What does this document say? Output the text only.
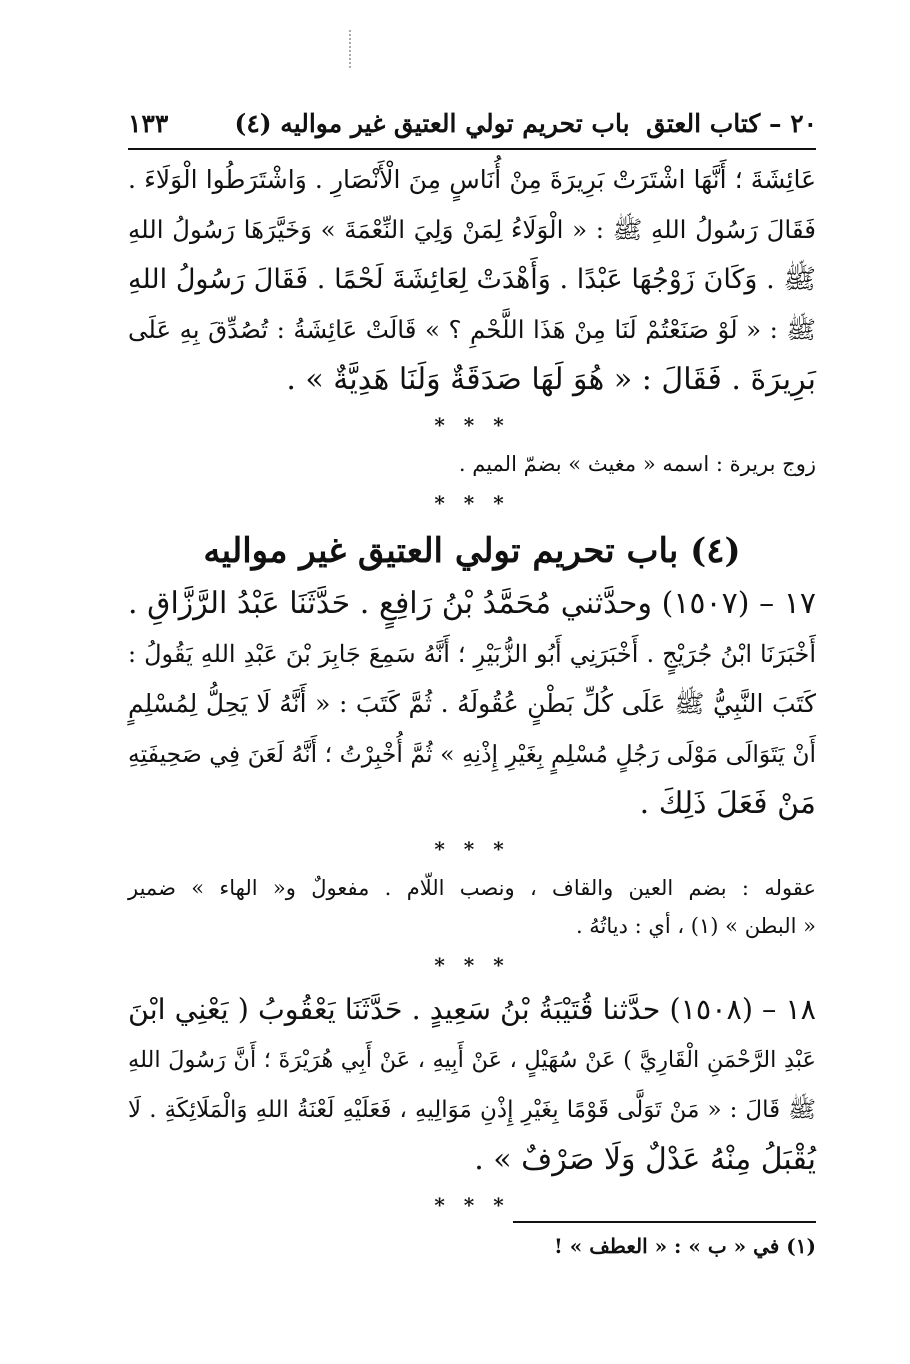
٢٠ – كتاب العتق
(٤) باب تحريم تولي العتيق غير مواليه
١٣٣
عَائِشَةَ ؛ أَنَّهَا اشْتَرَتْ بَرِيرَةَ مِنْ أُنَاسٍ مِنَ الْأَنْصَارِ . وَاشْتَرَطُوا الْوَلَاءَ .
فَقَالَ رَسُولُ اللهِ ﷺ : « الْوَلَاءُ لِمَنْ وَلِيَ النِّعْمَةَ » وَخَيَّرَهَا رَسُولُ اللهِ
ﷺ . وَكَانَ زَوْجُهَا عَبْدًا . وَأَهْدَتْ لِعَائِشَةَ لَحْمًا . فَقَالَ رَسُولُ اللهِ
ﷺ : « لَوْ صَنَعْتُمْ لَنَا مِنْ هَذَا اللَّحْمِ ؟ » قَالَتْ عَائِشَةُ : تُصُدِّقَ بِهِ عَلَى
بَرِيرَةَ . فَقَالَ : « هُوَ لَهَا صَدَقَةٌ وَلَنَا هَدِيَّةٌ » .
* * *
زوج بريرة : اسمه « مغيث » بضمّ الميم .
* * *
(٤) باب تحريم تولي العتيق غير مواليه
١٧ – (١٥٠٧) وحدَّثني مُحَمَّدُ بْنُ رَافِعٍ . حَدَّثَنَا عَبْدُ الرَّزَّاقِ .
أَخْبَرَنَا ابْنُ جُرَيْجٍ . أَخْبَرَنِي أَبُو الزُّبَيْرِ ؛ أَنَّهُ سَمِعَ جَابِرَ بْنَ عَبْدِ اللهِ يَقُولُ :
كَتَبَ النَّبِيُّ ﷺ عَلَى كُلِّ بَطْنٍ عُقُولَهُ . ثُمَّ كَتَبَ : « أَنَّهُ لَا يَحِلُّ لِمُسْلِمٍ
أَنْ يَتَوَالَى مَوْلَى رَجُلٍ مُسْلِمٍ بِغَيْرِ إِذْنِهِ » ثُمَّ أُخْبِرْتُ ؛ أَنَّهُ لَعَنَ فِي صَحِيفَتِهِ
مَنْ فَعَلَ ذَلِكَ .
* * *
عقوله : بضم العين والقاف ، ونصب اللّام . مفعولٌ و« الهاء » ضمير
« البطن » (١) ، أي : دياتُهُ .
* * *
١٨ – (١٥٠٨) حدَّثنا قُتَيْبَةُ بْنُ سَعِيدٍ . حَدَّثَنَا يَعْقُوبُ ( يَعْنِي ابْنَ
عَبْدِ الرَّحْمَنِ الْقَارِيَّ ) عَنْ سُهَيْلٍ ، عَنْ أَبِيهِ ، عَنْ أَبِي هُرَيْرَةَ ؛ أَنَّ رَسُولَ اللهِ
ﷺ قَالَ : « مَنْ تَوَلَّى قَوْمًا بِغَيْرِ إِذْنِ مَوَالِيهِ ، فَعَلَيْهِ لَعْنَةُ اللهِ وَالْمَلَائِكَةِ . لَا
يُقْبَلُ مِنْهُ عَدْلٌ وَلَا صَرْفٌ » .
* * *
(١) في « ب » : « العطف » !
